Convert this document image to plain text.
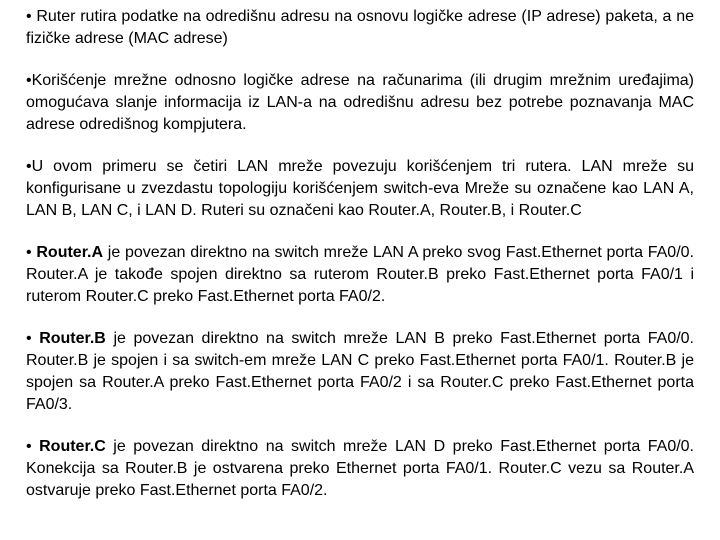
• Ruter rutira podatke na odredišnu adresu na osnovu logičke adrese (IP adrese) paketa, a ne fizičke adrese (MAC adrese)

•Korišćenje mrežne odnosno logičke adrese na računarima (ili drugim mrežnim uređajima) omogućava slanje informacija iz LAN-a na odredišnu adresu bez potrebe poznavanja MAC adrese odredišnog kompjutera.

•U ovom primeru se četiri LAN mreže povezuju korišćenjem tri rutera. LAN mreže su konfigurisane u zvezdastu topologiju korišćenjem switch-eva Mreže su označene kao LAN A, LAN B, LAN C, i LAN D. Ruteri su označeni kao Router.A, Router.B, i Router.C

• Router.A je povezan direktno na switch mreže LAN A preko svog Fast.Ethernet porta FA0/0. Router.A je takođe spojen direktno sa ruterom Router.B preko Fast.Ethernet porta FA0/1 i ruterom Router.C preko Fast.Ethernet porta FA0/2.

• Router.B je povezan direktno na switch mreže LAN B preko Fast.Ethernet porta FA0/0. Router.B je spojen i sa switch-em mreže LAN C preko Fast.Ethernet porta FA0/1. Router.B je spojen sa Router.A preko Fast.Ethernet porta FA0/2 i sa Router.C preko Fast.Ethernet porta FA0/3.

• Router.C je povezan direktno na switch mreže LAN D preko Fast.Ethernet porta FA0/0. Konekcija sa Router.B je ostvarena preko Ethernet porta FA0/1. Router.C vezu sa Router.A ostvaruje preko Fast.Ethernet porta FA0/2.
